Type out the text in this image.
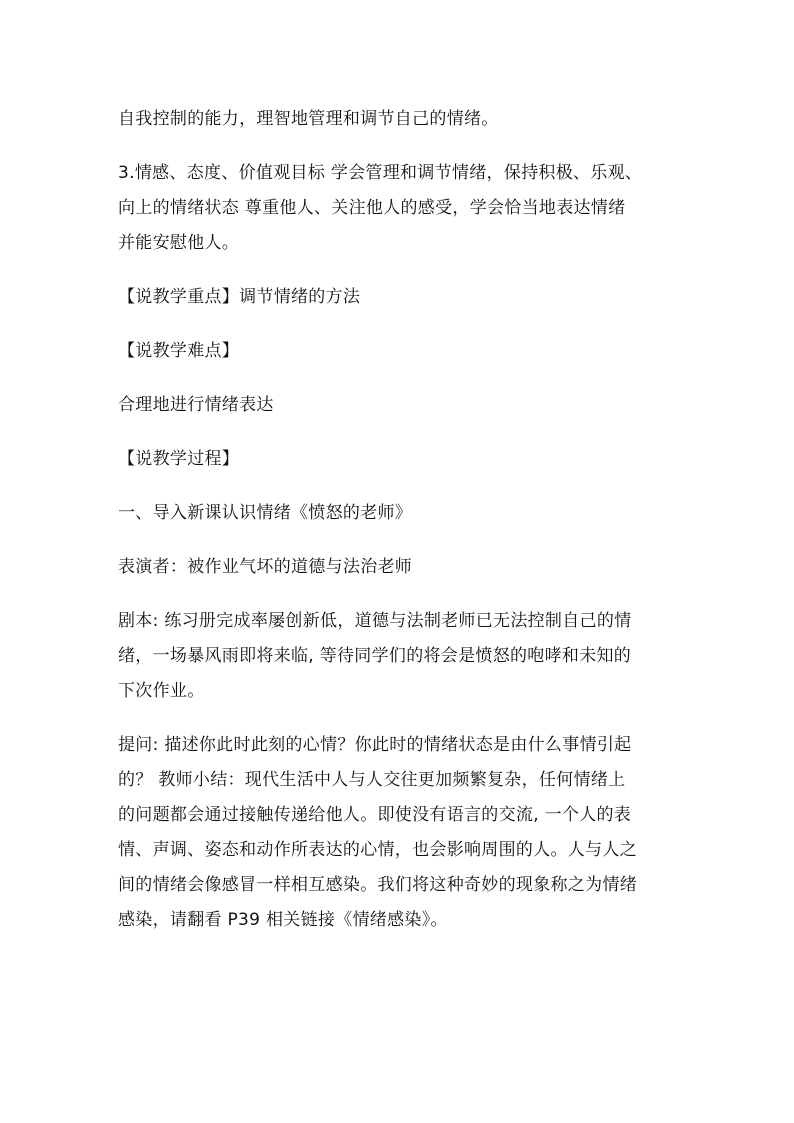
自我控制的能力，理智地管理和调节自己的情绪。

3.情感、态度、价值观目标 学会管理和调节情绪，保持积极、乐观、
向上的情绪状态 尊重他人、关注他人的感受，学会恰当地表达情绪
并能安慰他人。

【说教学重点】调节情绪的方法

【说教学难点】

合理地进行情绪表达

【说教学过程】

一、导入新课认识情绪《愤怒的老师》

表演者：被作业气坏的道德与法治老师

剧本: 练习册完成率屡创新低，道德与法制老师已无法控制自己的情
绪，一场暴风雨即将来临, 等待同学们的将会是愤怒的咆哮和未知的
下次作业。

提问: 描述你此时此刻的心情？你此时的情绪状态是由什么事情引起
的？ 教师小结：现代生活中人与人交往更加频繁复杂，任何情绪上
的问题都会通过接触传递给他人。即使没有语言的交流, 一个人的表
情、声调、姿态和动作所表达的心情，也会影响周围的人。人与人之
间的情绪会像感冒一样相互感染。我们将这种奇妙的现象称之为情绪
感染，请翻看 P39 相关链接《情绪感染》。
